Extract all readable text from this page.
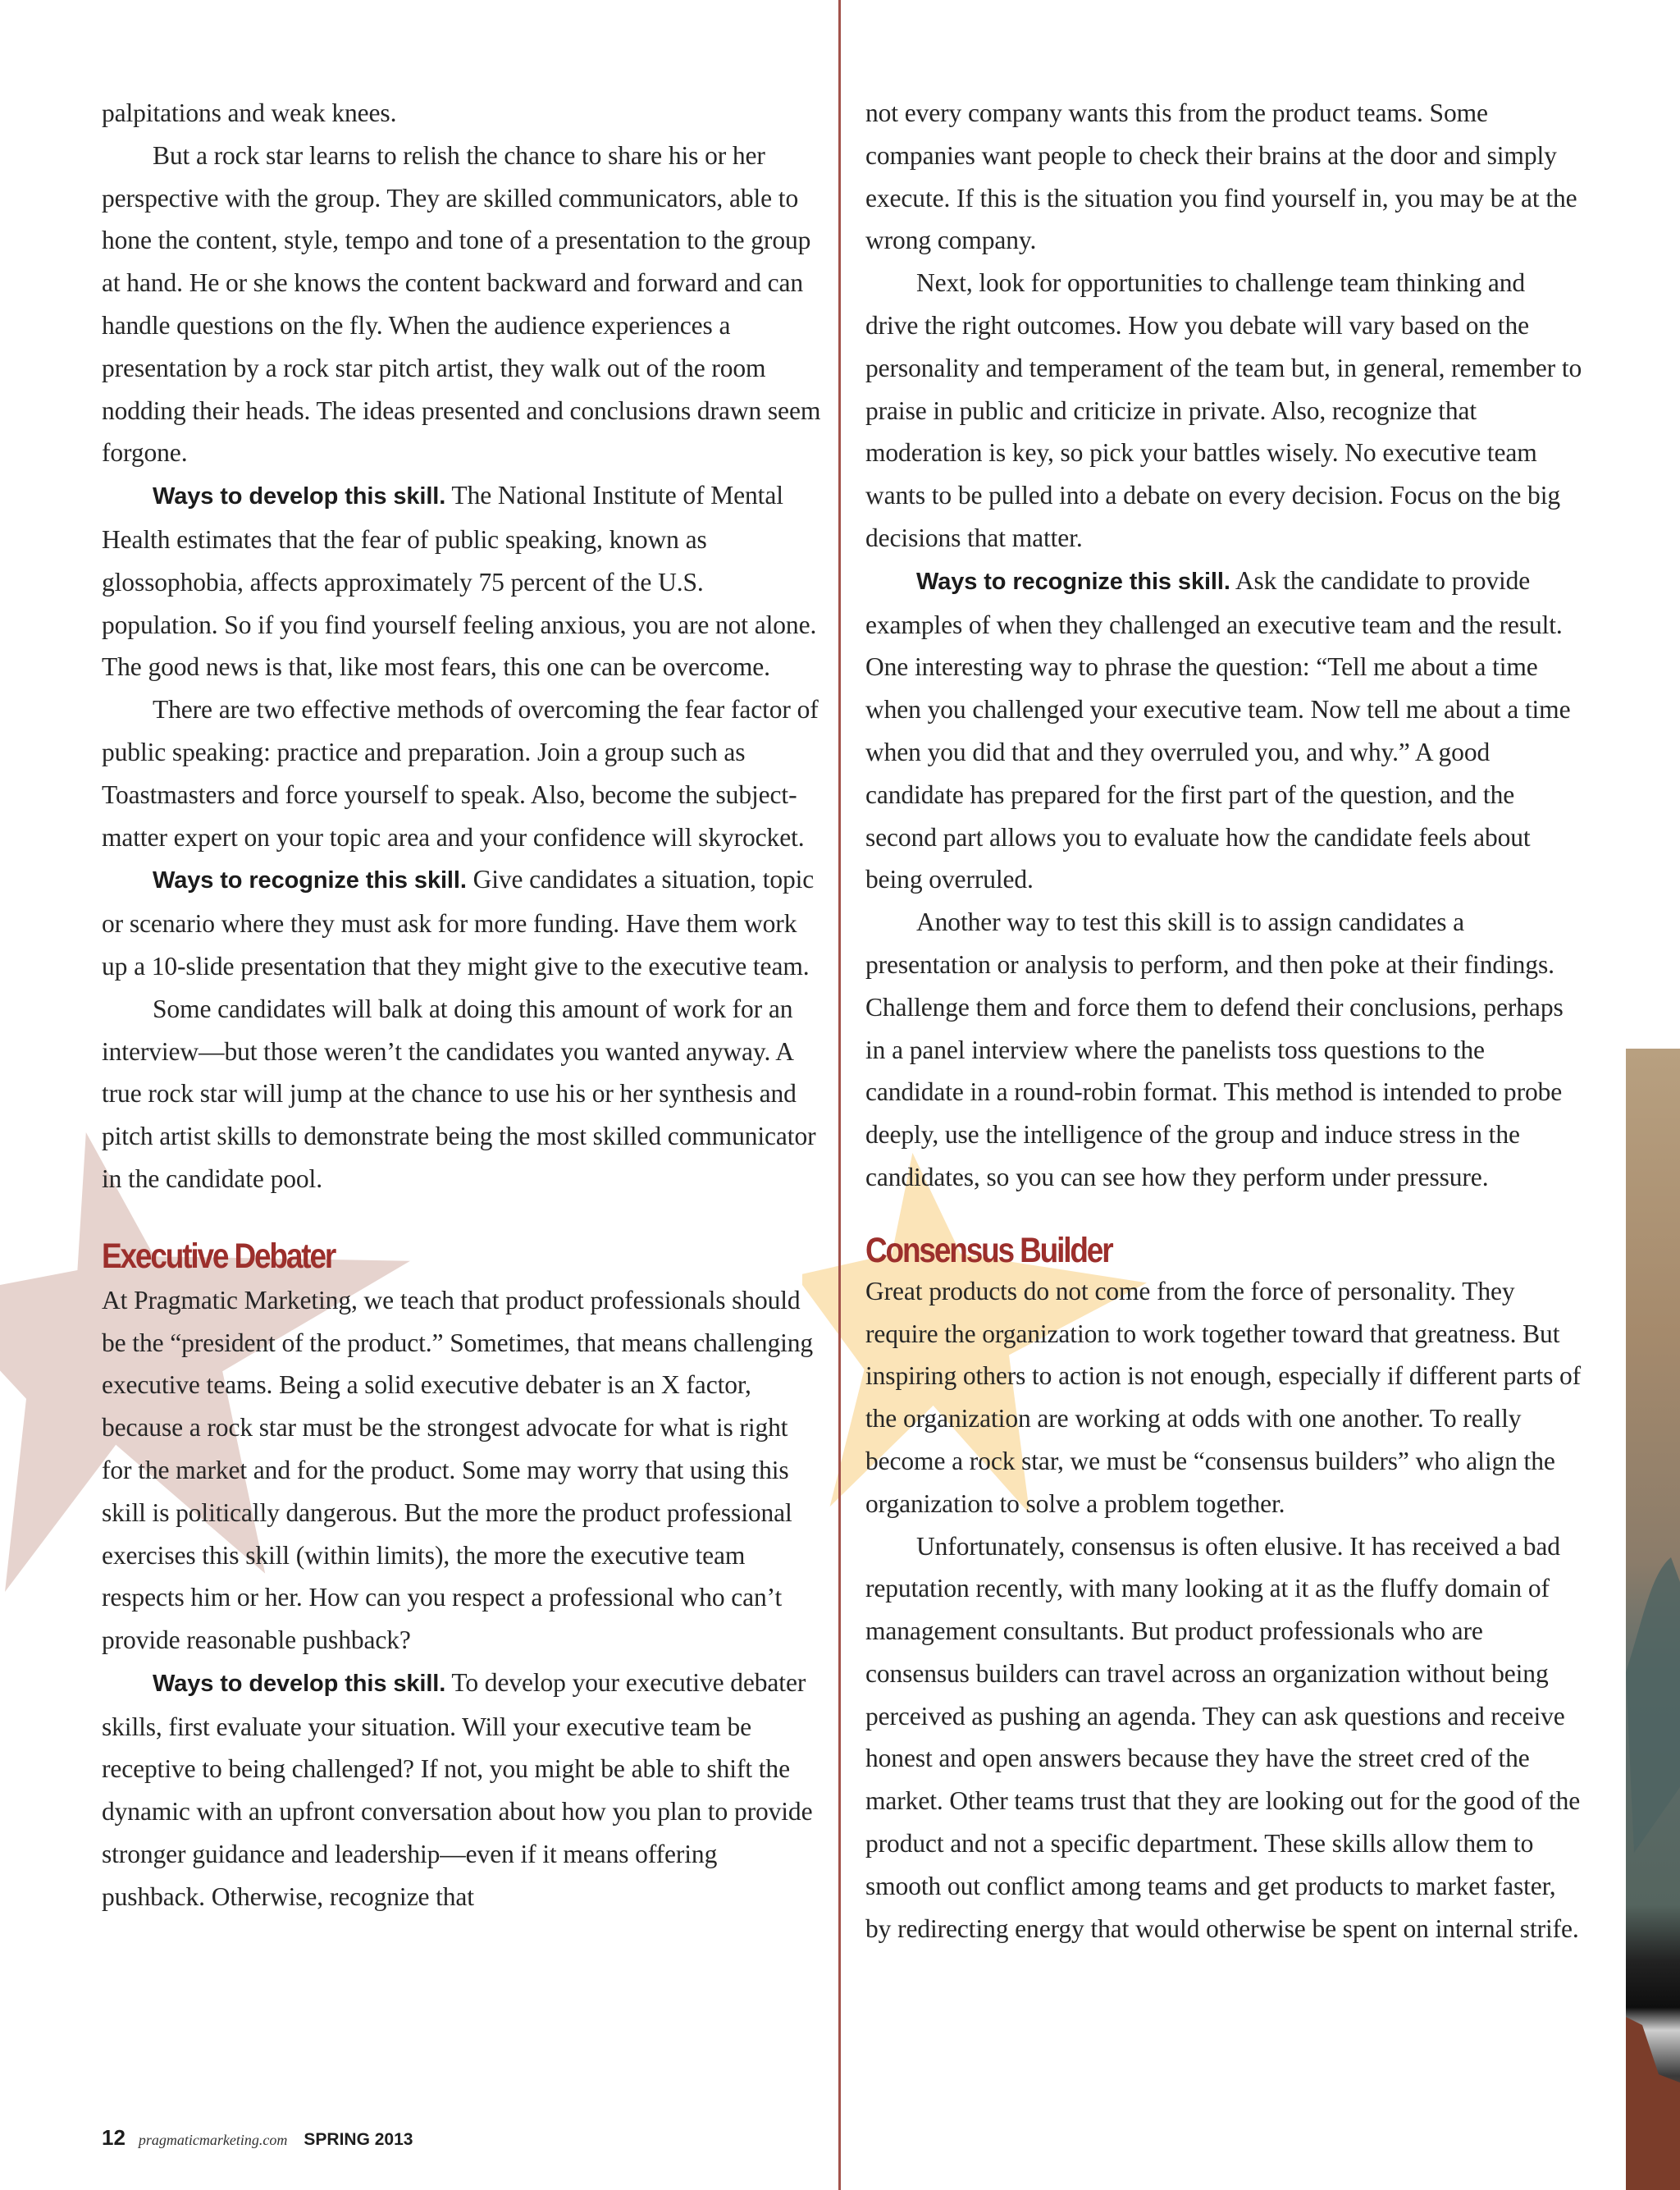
palpitations and weak knees.

But a rock star learns to relish the chance to share his or her perspective with the group. They are skilled communicators, able to hone the content, style, tempo and tone of a presentation to the group at hand. He or she knows the content backward and forward and can handle questions on the fly. When the audience experiences a presentation by a rock star pitch artist, they walk out of the room nodding their heads. The ideas presented and conclusions drawn seem forgone.

Ways to develop this skill. The National Institute of Mental Health estimates that the fear of public speaking, known as glossophobia, affects approximately 75 percent of the U.S. population. So if you find yourself feeling anxious, you are not alone. The good news is that, like most fears, this one can be overcome.

There are two effective methods of overcoming the fear factor of public speaking: practice and preparation. Join a group such as Toastmasters and force yourself to speak. Also, become the subject-matter expert on your topic area and your confidence will skyrocket.

Ways to recognize this skill. Give candidates a situation, topic or scenario where they must ask for more funding. Have them work up a 10-slide presentation that they might give to the executive team.

Some candidates will balk at doing this amount of work for an interview—but those weren’t the candidates you wanted anyway. A true rock star will jump at the chance to use his or her synthesis and pitch artist skills to demonstrate being the most skilled communicator in the candidate pool.

Executive Debater

At Pragmatic Marketing, we teach that product professionals should be the “president of the product.” Sometimes, that means challenging executive teams. Being a solid executive debater is an X factor, because a rock star must be the strongest advocate for what is right for the market and for the product. Some may worry that using this skill is politically dangerous. But the more the product professional exercises this skill (within limits), the more the executive team respects him or her. How can you respect a professional who can’t provide reasonable pushback?

Ways to develop this skill. To develop your executive debater skills, first evaluate your situation. Will your executive team be receptive to being challenged? If not, you might be able to shift the dynamic with an upfront conversation about how you plan to provide stronger guidance and leadership—even if it means offering pushback. Otherwise, recognize that

not every company wants this from the product teams. Some companies want people to check their brains at the door and simply execute. If this is the situation you find yourself in, you may be at the wrong company.

Next, look for opportunities to challenge team thinking and drive the right outcomes. How you debate will vary based on the personality and temperament of the team but, in general, remember to praise in public and criticize in private. Also, recognize that moderation is key, so pick your battles wisely. No executive team wants to be pulled into a debate on every decision. Focus on the big decisions that matter.

Ways to recognize this skill. Ask the candidate to provide examples of when they challenged an executive team and the result. One interesting way to phrase the question: “Tell me about a time when you challenged your executive team. Now tell me about a time when you did that and they overruled you, and why.” A good candidate has prepared for the first part of the question, and the second part allows you to evaluate how the candidate feels about being overruled.

Another way to test this skill is to assign candidates a presentation or analysis to perform, and then poke at their findings. Challenge them and force them to defend their conclusions, perhaps in a panel interview where the panelists toss questions to the candidate in a round-robin format. This method is intended to probe deeply, use the intelligence of the group and induce stress in the candidates, so you can see how they perform under pressure.

Consensus Builder

Great products do not come from the force of personality. They require the organization to work together toward that greatness. But inspiring others to action is not enough, especially if different parts of the organization are working at odds with one another. To really become a rock star, we must be “consensus builders” who align the organization to solve a problem together.

Unfortunately, consensus is often elusive. It has received a bad reputation recently, with many looking at it as the fluffy domain of management consultants. But product professionals who are consensus builders can travel across an organization without being perceived as pushing an agenda. They can ask questions and receive honest and open answers because they have the street cred of the market. Other teams trust that they are looking out for the good of the product and not a specific department. These skills allow them to smooth out conflict among teams and get products to market faster, by redirecting energy that would otherwise be spent on internal strife.

12 pragmaticmarketing.com SPRING 2013
